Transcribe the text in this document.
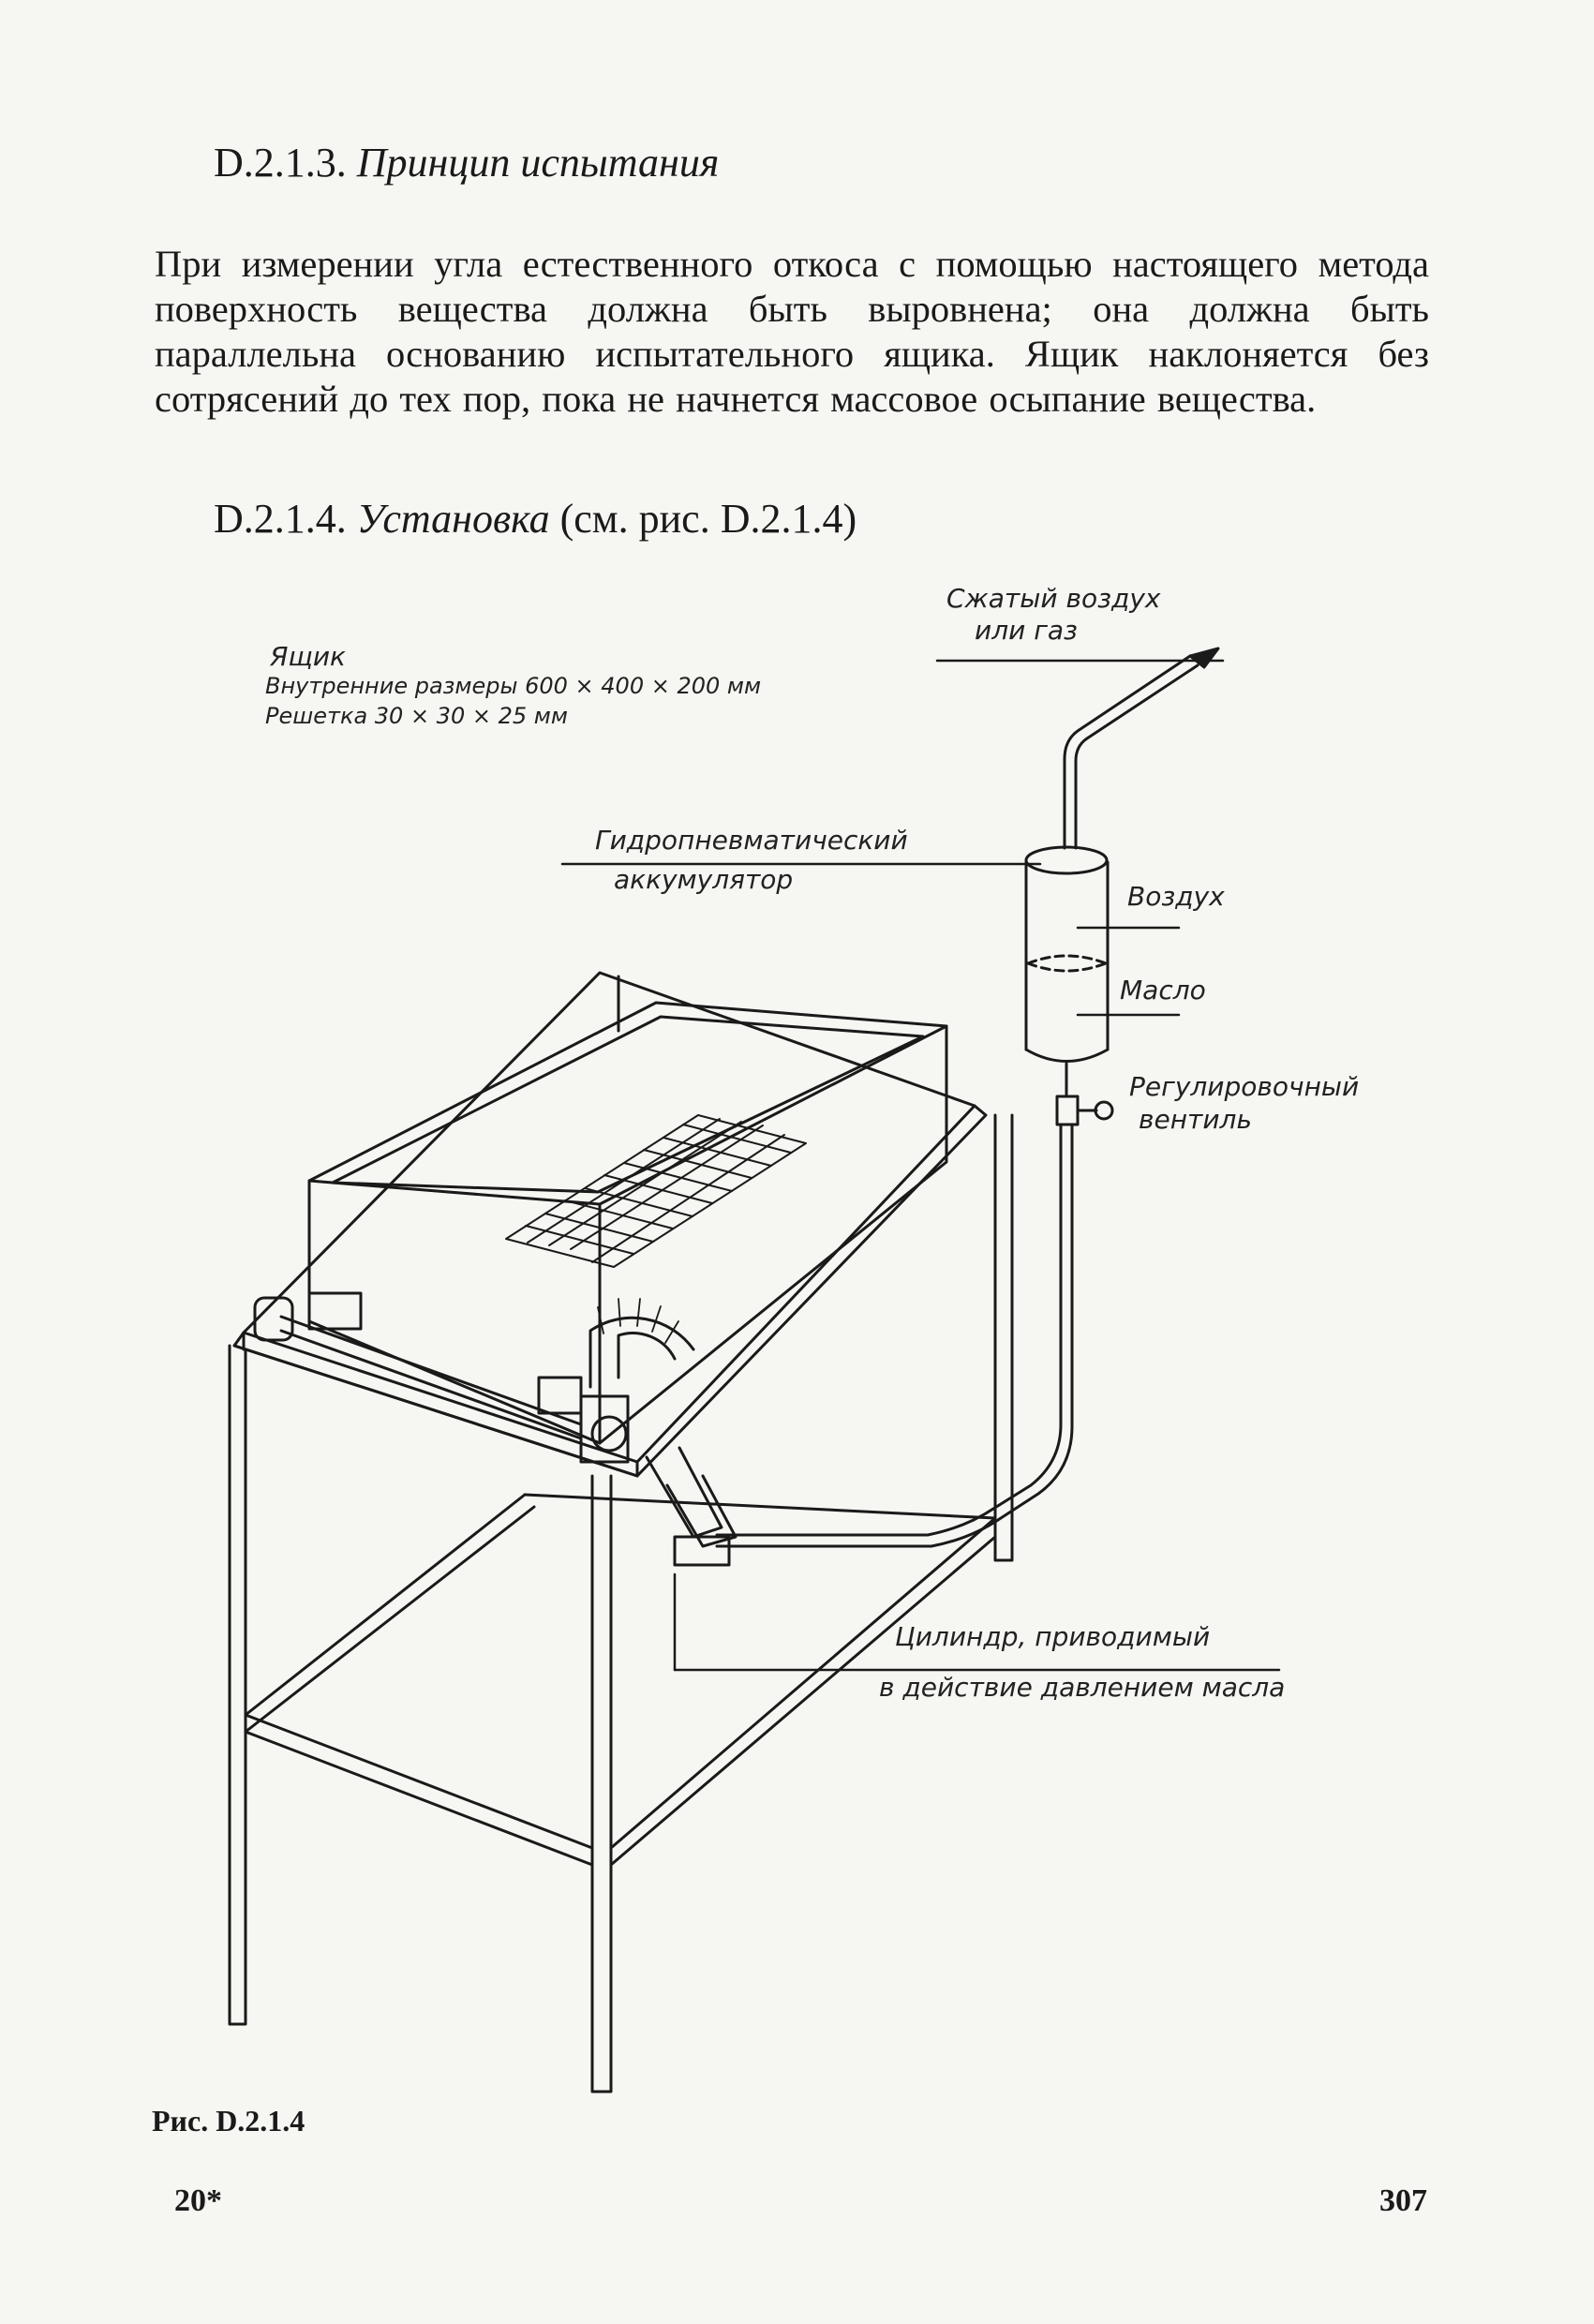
D.2.1.3. Принцип испытания
При измерении угла естественного откоса с помощью настоящего метода поверхность вещества должна быть выровнена; она должна быть параллельна основанию испытательного ящика. Ящик наклоняется без сотрясений до тех пор, пока не начнется массовое осыпание вещества.
D.2.1.4. Установка (см. рис. D.2.1.4)
Сжатый воздух
или газ
Ящик
Внутренние размеры 600 × 400 × 200 мм
Решетка 30 × 30 × 25 мм
Гидропневматический
аккумулятор
Воздух
Масло
Регулировочный
вентиль
Цилиндр, приводимый
в действие давлением масла
Рис. D.2.1.4
20*	307
